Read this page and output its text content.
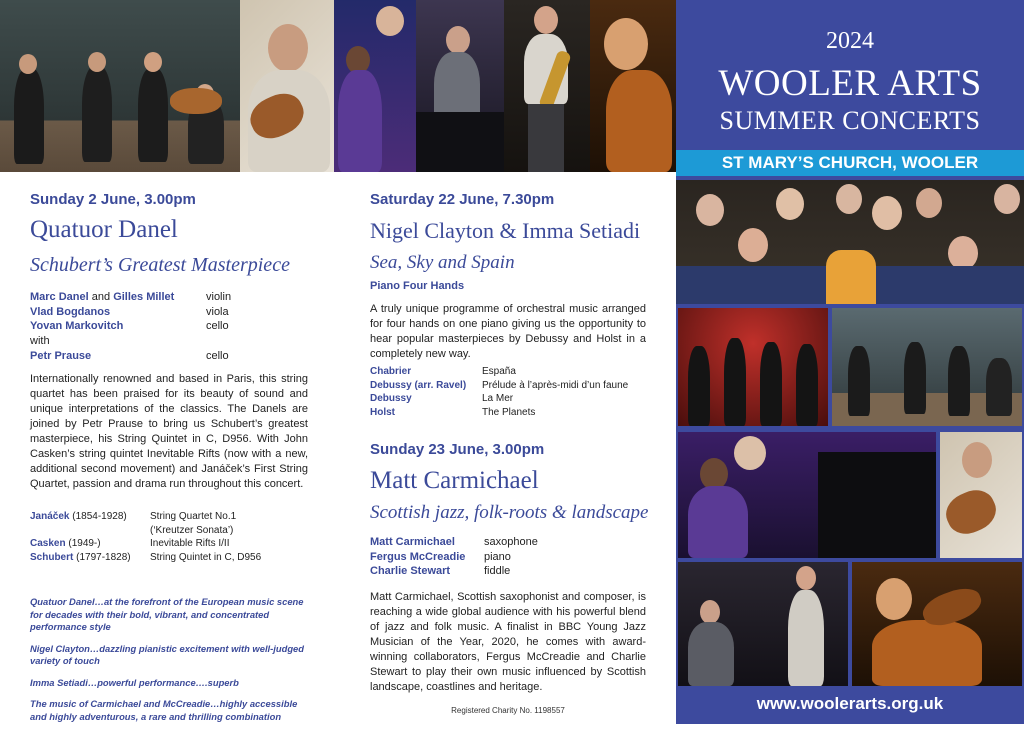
2024
WOOLER ARTS
SUMMER CONCERTS
ST MARY’S CHURCH, WOOLER
www.woolerarts.org.uk
Sunday 2 June, 3.00pm
Quatuor Danel
Schubert’s Greatest Masterpiece
Marc Danel and Gilles Millet	violin
Vlad Bogdanos	viola
Yovan Markovitch	cello
with	
Petr Prause	cello
Internationally renowned and based in Paris, this string quartet has been praised for its beauty of sound and unique interpretations of the classics. The Danels are joined by Petr Prause to bring us Schubert’s greatest masterpiece, his String Quintet in C, D956. With John Casken’s string quintet Inevitable Rifts (now with a new, additional second movement) and Janáček’s First String Quartet, passion and drama run throughout this concert.
Janáček (1854-1928)	String Quartet No.1
	(‘Kreutzer Sonata’)
Casken (1949-)	Inevitable Rifts I/II
Schubert (1797-1828)	String Quintet in C, D956

Quatuor Danel…at the forefront of the European music scene for decades with their bold, vibrant, and concentrated performance style

Nigel Clayton…dazzling pianistic excitement with well-judged variety of touch

Imma Setiadi…powerful performance….superb

The music of Carmichael and McCreadie…highly accessible and highly adventurous, a rare and thrilling combination

Saturday 22 June, 7.30pm
Nigel Clayton & Imma Setiadi
Sea, Sky and Spain
Piano Four Hands
A truly unique programme of orchestral music arranged for four hands on one piano giving us the opportunity to hear popular masterpieces by Debussy and Holst in a completely new way.
Chabrier	España
Debussy (arr. Ravel)	Prélude à l’après-midi d’un faune
Debussy	La Mer
Holst	The Planets
Sunday 23 June, 3.00pm
Matt Carmichael
Scottish jazz, folk-roots & landscape
Matt Carmichael	saxophone
Fergus McCreadie	piano
Charlie Stewart	fiddle
Matt Carmichael, Scottish saxophonist and composer, is reaching a wide global audience with his powerful blend of jazz and folk music. A finalist in BBC Young Jazz Musician of the Year, 2020, he comes with award-winning collaborators, Fergus McCreadie and Charlie Stewart to play their own music influenced by Scottish landscape, coastlines and heritage.
Registered Charity No. 1198557
